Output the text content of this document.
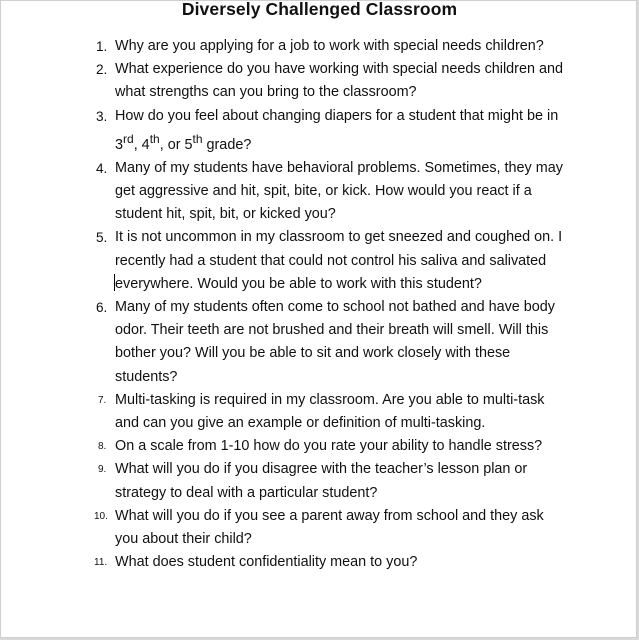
Diversely Challenged Classroom
1. Why are you applying for a job to work with special needs children?
2. What experience do you have working with special needs children and what strengths can you bring to the classroom?
3. How do you feel about changing diapers for a student that might be in 3rd, 4th, or 5th grade?
4. Many of my students have behavioral problems. Sometimes, they may get aggressive and hit, spit, bite, or kick. How would you react if a student hit, spit, bit, or kicked you?
5. It is not uncommon in my classroom to get sneezed and coughed on. I recently had a student that could not control his saliva and salivated everywhere. Would you be able to work with this student?
6. Many of my students often come to school not bathed and have body odor. Their teeth are not brushed and their breath will smell. Will this bother you? Will you be able to sit and work closely with these students?
7. Multi-tasking is required in my classroom. Are you able to multi-task and can you give an example or definition of multi-tasking.
8. On a scale from 1-10 how do you rate your ability to handle stress?
9. What will you do if you disagree with the teacher’s lesson plan or strategy to deal with a particular student?
10. What will you do if you see a parent away from school and they ask you about their child?
11. What does student confidentiality mean to you?
